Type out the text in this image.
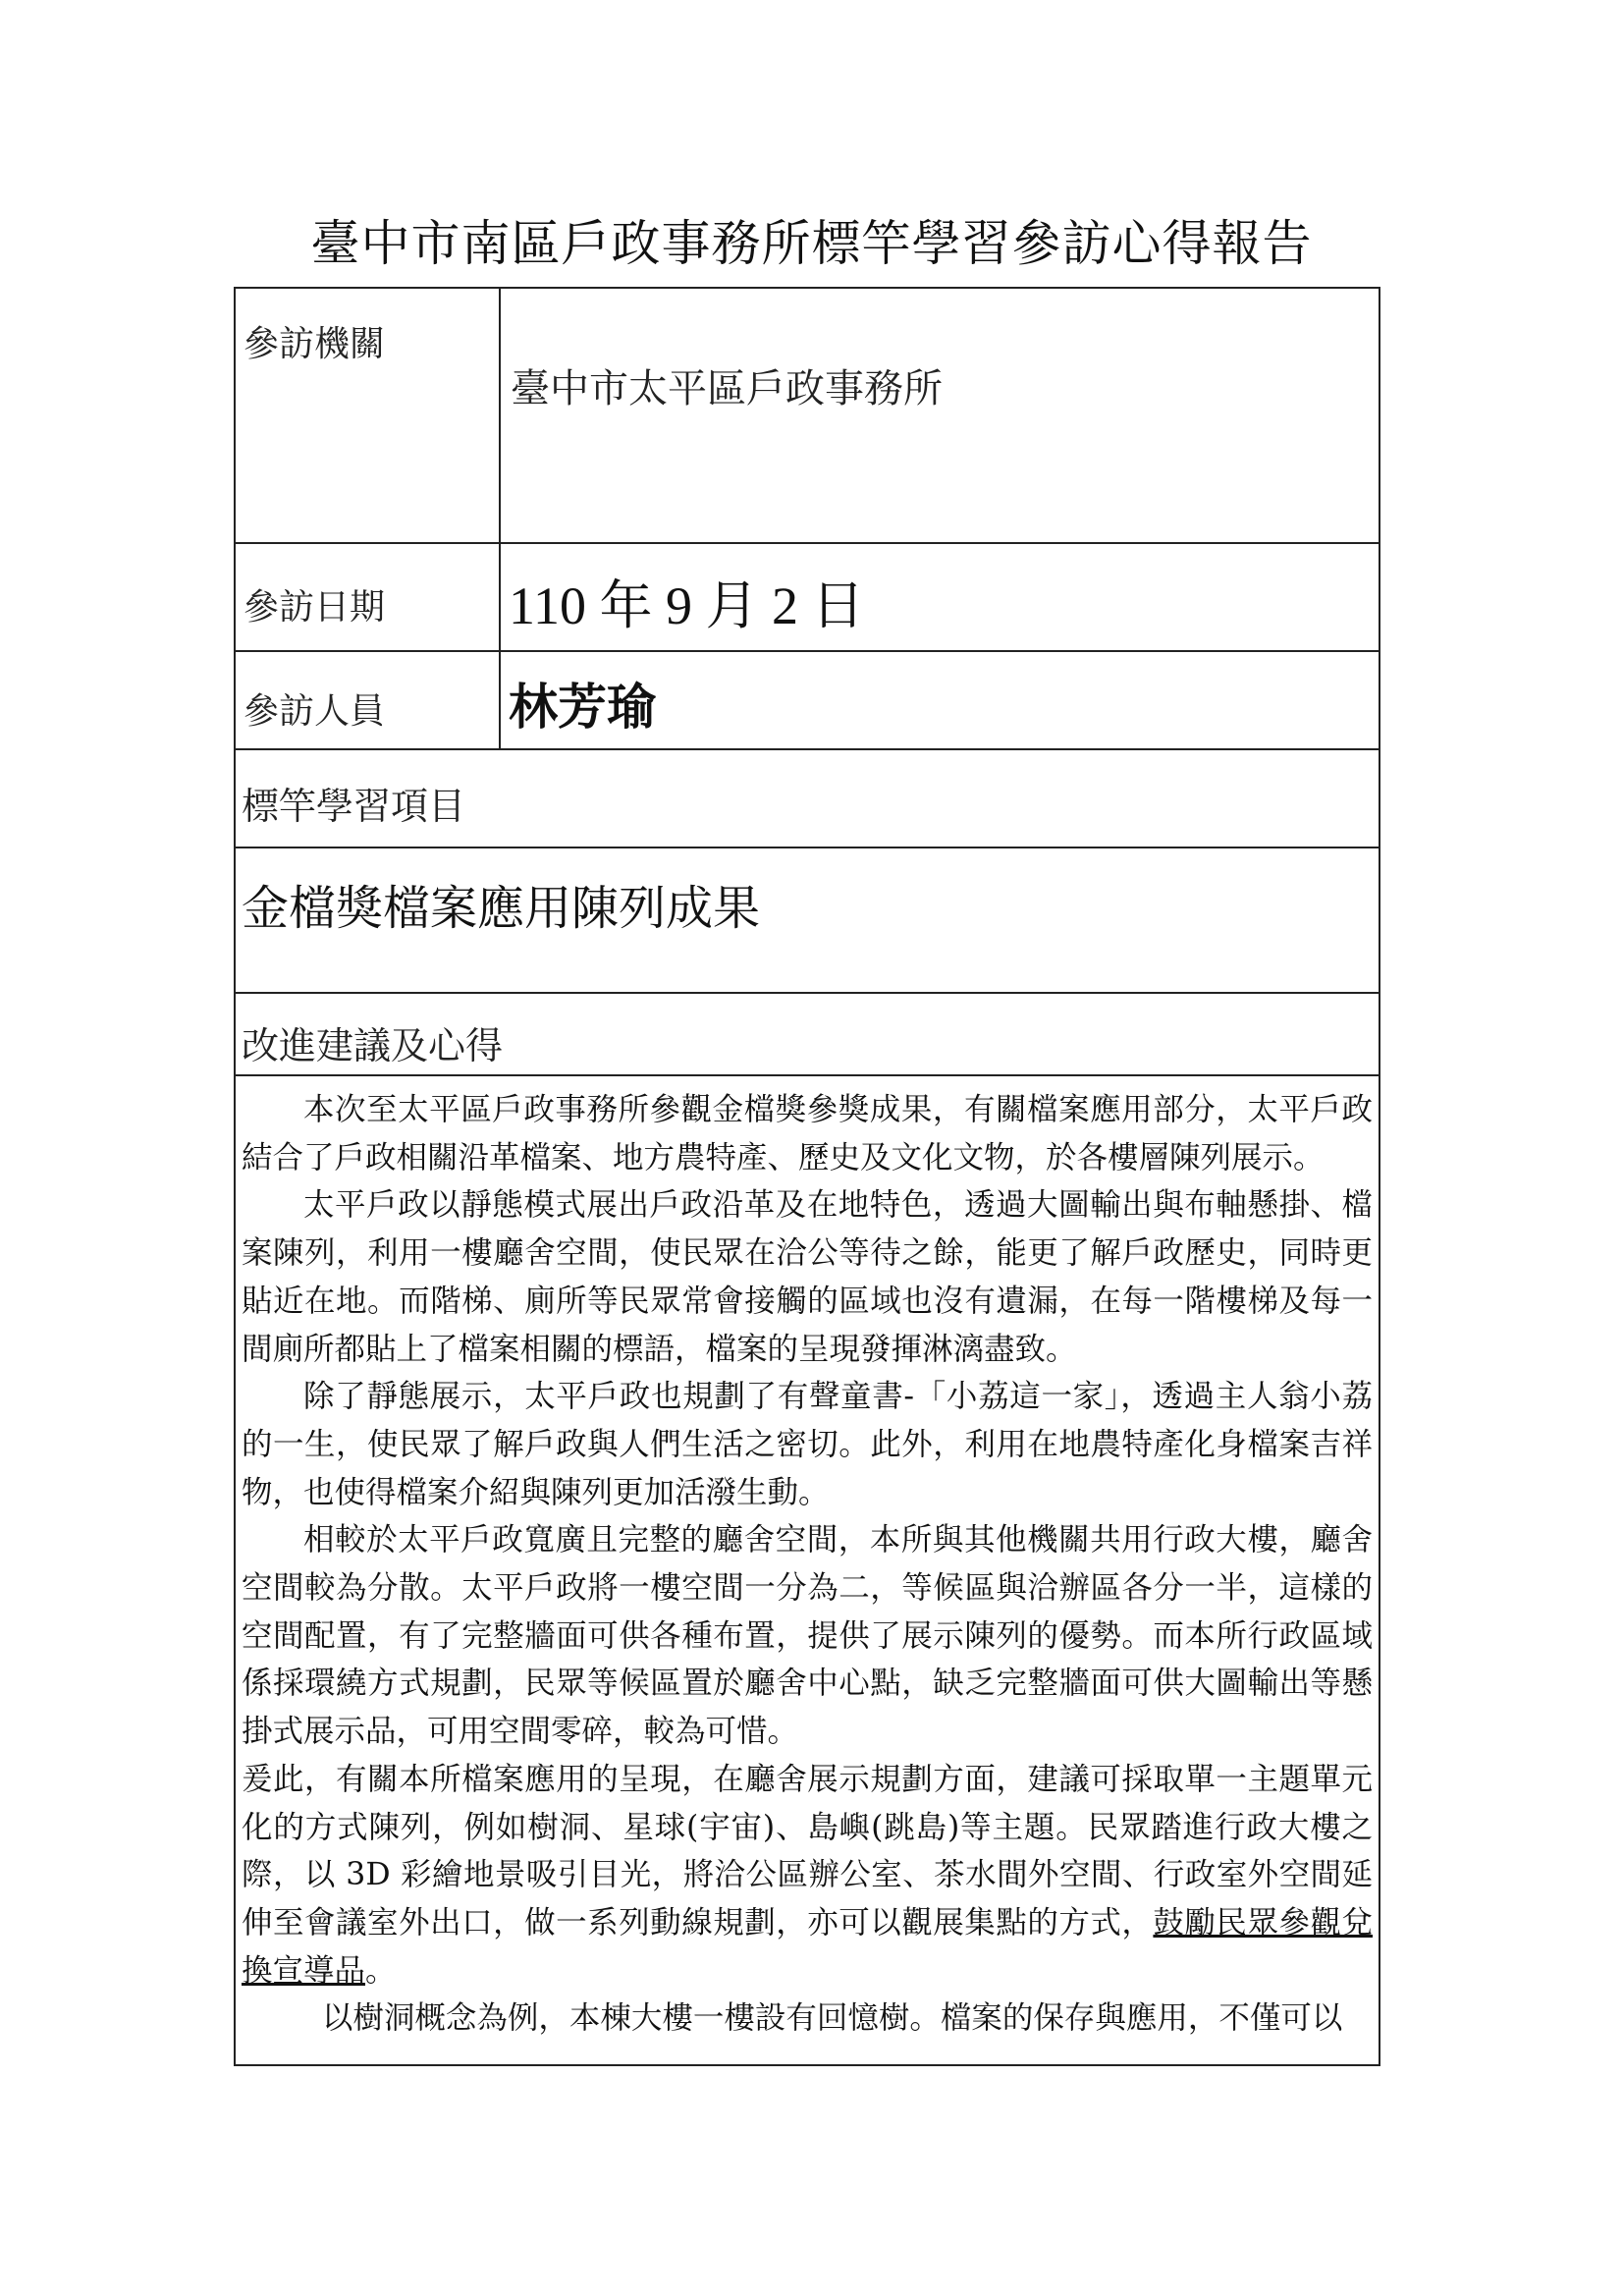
臺中市南區戶政事務所標竿學習參訪心得報告
參訪機關
臺中市太平區戶政事務所
參訪日期	110 年 9 月 2 日
參訪人員	林芳瑜
標竿學習項目
金檔獎檔案應用陳列成果
改進建議及心得

本次至太平區戶政事務所參觀金檔獎參獎成果，有關檔案應用部分，太平戶政結合了戶政相關沿革檔案、地方農特產、歷史及文化文物，於各樓層陳列展示。

太平戶政以靜態模式展出戶政沿革及在地特色，透過大圖輸出與布軸懸掛、檔案陳列，利用一樓廳舍空間，使民眾在洽公等待之餘，能更了解戶政歷史，同時更貼近在地。而階梯、廁所等民眾常會接觸的區域也沒有遺漏，在每一階樓梯及每一間廁所都貼上了檔案相關的標語，檔案的呈現發揮淋漓盡致。

除了靜態展示，太平戶政也規劃了有聲童書-「小荔這一家」，透過主人翁小荔的一生，使民眾了解戶政與人們生活之密切。此外，利用在地農特產化身檔案吉祥物，也使得檔案介紹與陳列更加活潑生動。

相較於太平戶政寬廣且完整的廳舍空間，本所與其他機關共用行政大樓，廳舍空間較為分散。太平戶政將一樓空間一分為二，等候區與洽辦區各分一半，這樣的空間配置，有了完整牆面可供各種布置，提供了展示陳列的優勢。而本所行政區域係採環繞方式規劃，民眾等候區置於廳舍中心點，缺乏完整牆面可供大圖輸出等懸掛式展示品，可用空間零碎，較為可惜。

爰此，有關本所檔案應用的呈現，在廳舍展示規劃方面，建議可採取單一主題單元化的方式陳列，例如樹洞、星球(宇宙)、島嶼(跳島)等主題。民眾踏進行政大樓之際，以 3D 彩繪地景吸引目光，將洽公區辦公室、茶水間外空間、行政室外空間延伸至會議室外出口，做一系列動線規劃，亦可以觀展集點的方式，鼓勵民眾參觀兌換宣導品。

以樹洞概念為例，本棟大樓一樓設有回憶樹。檔案的保存與應用，不僅可以
